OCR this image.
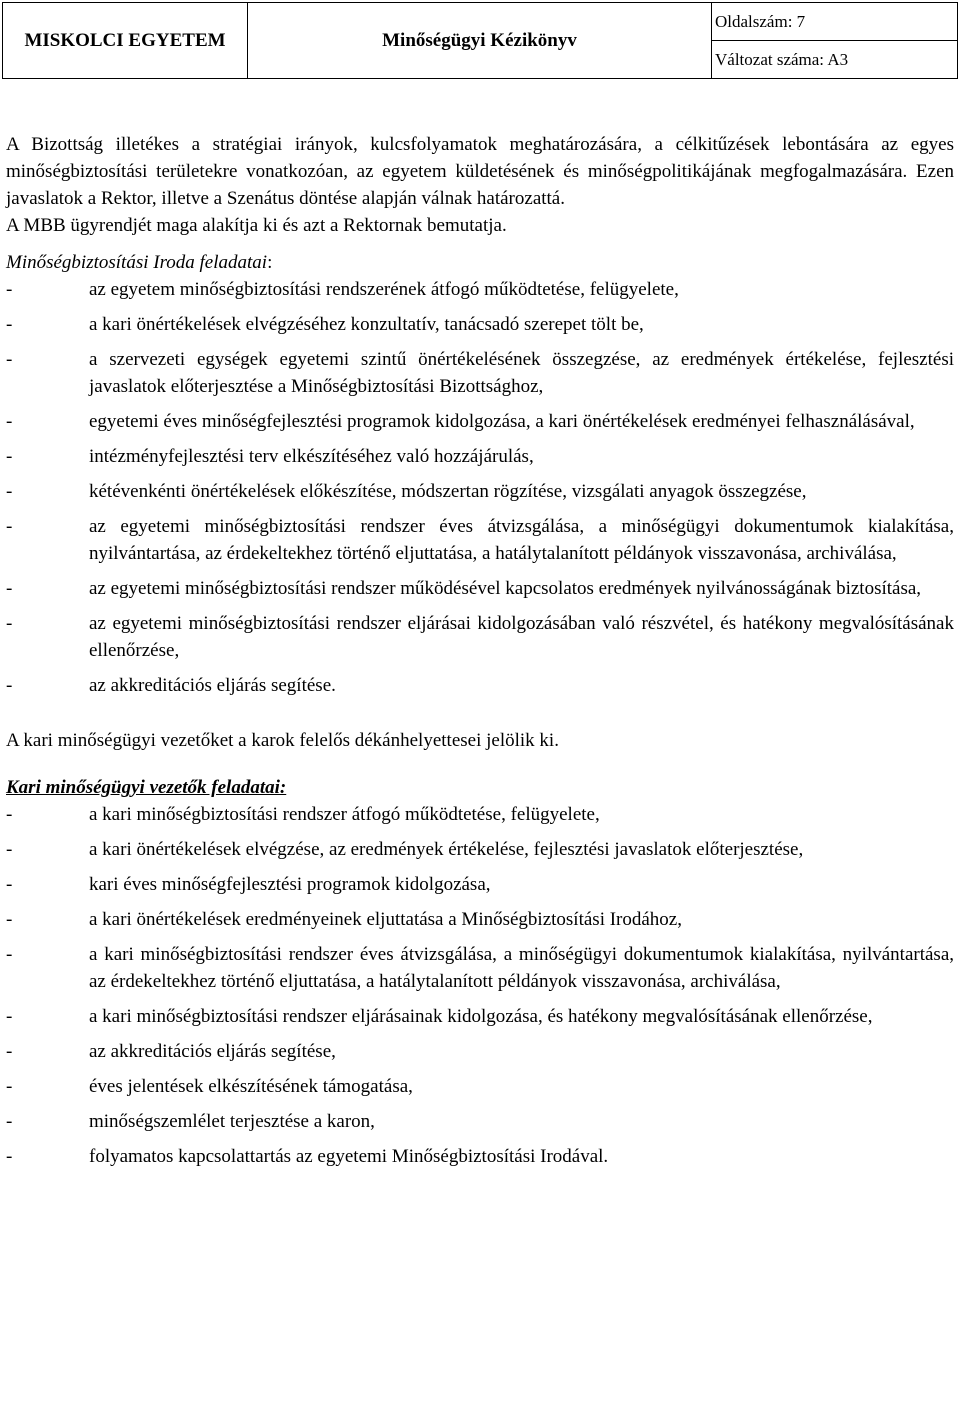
MISKOLCI EGYETEM	Minőségügyi Kézikönyv	Oldalszám: 7
Változat száma: A3

A Bizottság illetékes a stratégiai irányok, kulcsfolyamatok meghatározására, a célkitűzések lebontására az egyes minőségbiztosítási területekre vonatkozóan, az egyetem küldetésének és minőségpolitikájának megfogalmazására. Ezen javaslatok a Rektor, illetve a Szenátus döntése alapján válnak határozattá.

A MBB ügyrendjét maga alakítja ki és azt a Rektornak bemutatja.

Minőségbiztosítási Iroda feladatai:

- az egyetem minőségbiztosítási rendszerének átfogó működtetése, felügyelete,
- a kari önértékelések elvégzéséhez konzultatív, tanácsadó szerepet tölt be,
- a szervezeti egységek egyetemi szintű önértékelésének összegzése, az eredmények értékelése, fejlesztési javaslatok előterjesztése a Minőségbiztosítási Bizottsághoz,
- egyetemi éves minőségfejlesztési programok kidolgozása, a kari önértékelések eredményei felhasználásával,
- intézményfejlesztési terv elkészítéséhez való hozzájárulás,
- kétévenkénti önértékelések előkészítése, módszertan rögzítése, vizsgálati anyagok összegzése,
- az egyetemi minőségbiztosítási rendszer éves átvizsgálása, a minőségügyi dokumentumok kialakítása, nyilvántartása, az érdekeltekhez történő eljuttatása, a hatálytalanított példányok visszavonása, archiválása,
- az egyetemi minőségbiztosítási rendszer működésével kapcsolatos eredmények nyilvánosságának biztosítása,
- az egyetemi minőségbiztosítási rendszer eljárásai kidolgozásában való részvétel, és hatékony megvalósításának ellenőrzése,
- az akkreditációs eljárás segítése.

A kari minőségügyi vezetőket a karok felelős dékánhelyettesei jelölik ki.

Kari minőségügyi vezetők feladatai:

- a kari minőségbiztosítási rendszer átfogó működtetése, felügyelete,
- a kari önértékelések elvégzése, az eredmények értékelése, fejlesztési javaslatok előterjesztése,
- kari éves minőségfejlesztési programok kidolgozása,
- a kari önértékelések eredményeinek eljuttatása a Minőségbiztosítási Irodához,
- a kari minőségbiztosítási rendszer éves átvizsgálása, a minőségügyi dokumentumok kialakítása, nyilvántartása, az érdekeltekhez történő eljuttatása, a hatálytalanított példányok visszavonása, archiválása,
- a kari minőségbiztosítási rendszer eljárásainak kidolgozása, és hatékony megvalósításának ellenőrzése,
- az akkreditációs eljárás segítése,
- éves jelentések elkészítésének támogatása,
- minőségszemlélet terjesztése a karon,
- folyamatos kapcsolattartás az egyetemi Minőségbiztosítási Irodával.
